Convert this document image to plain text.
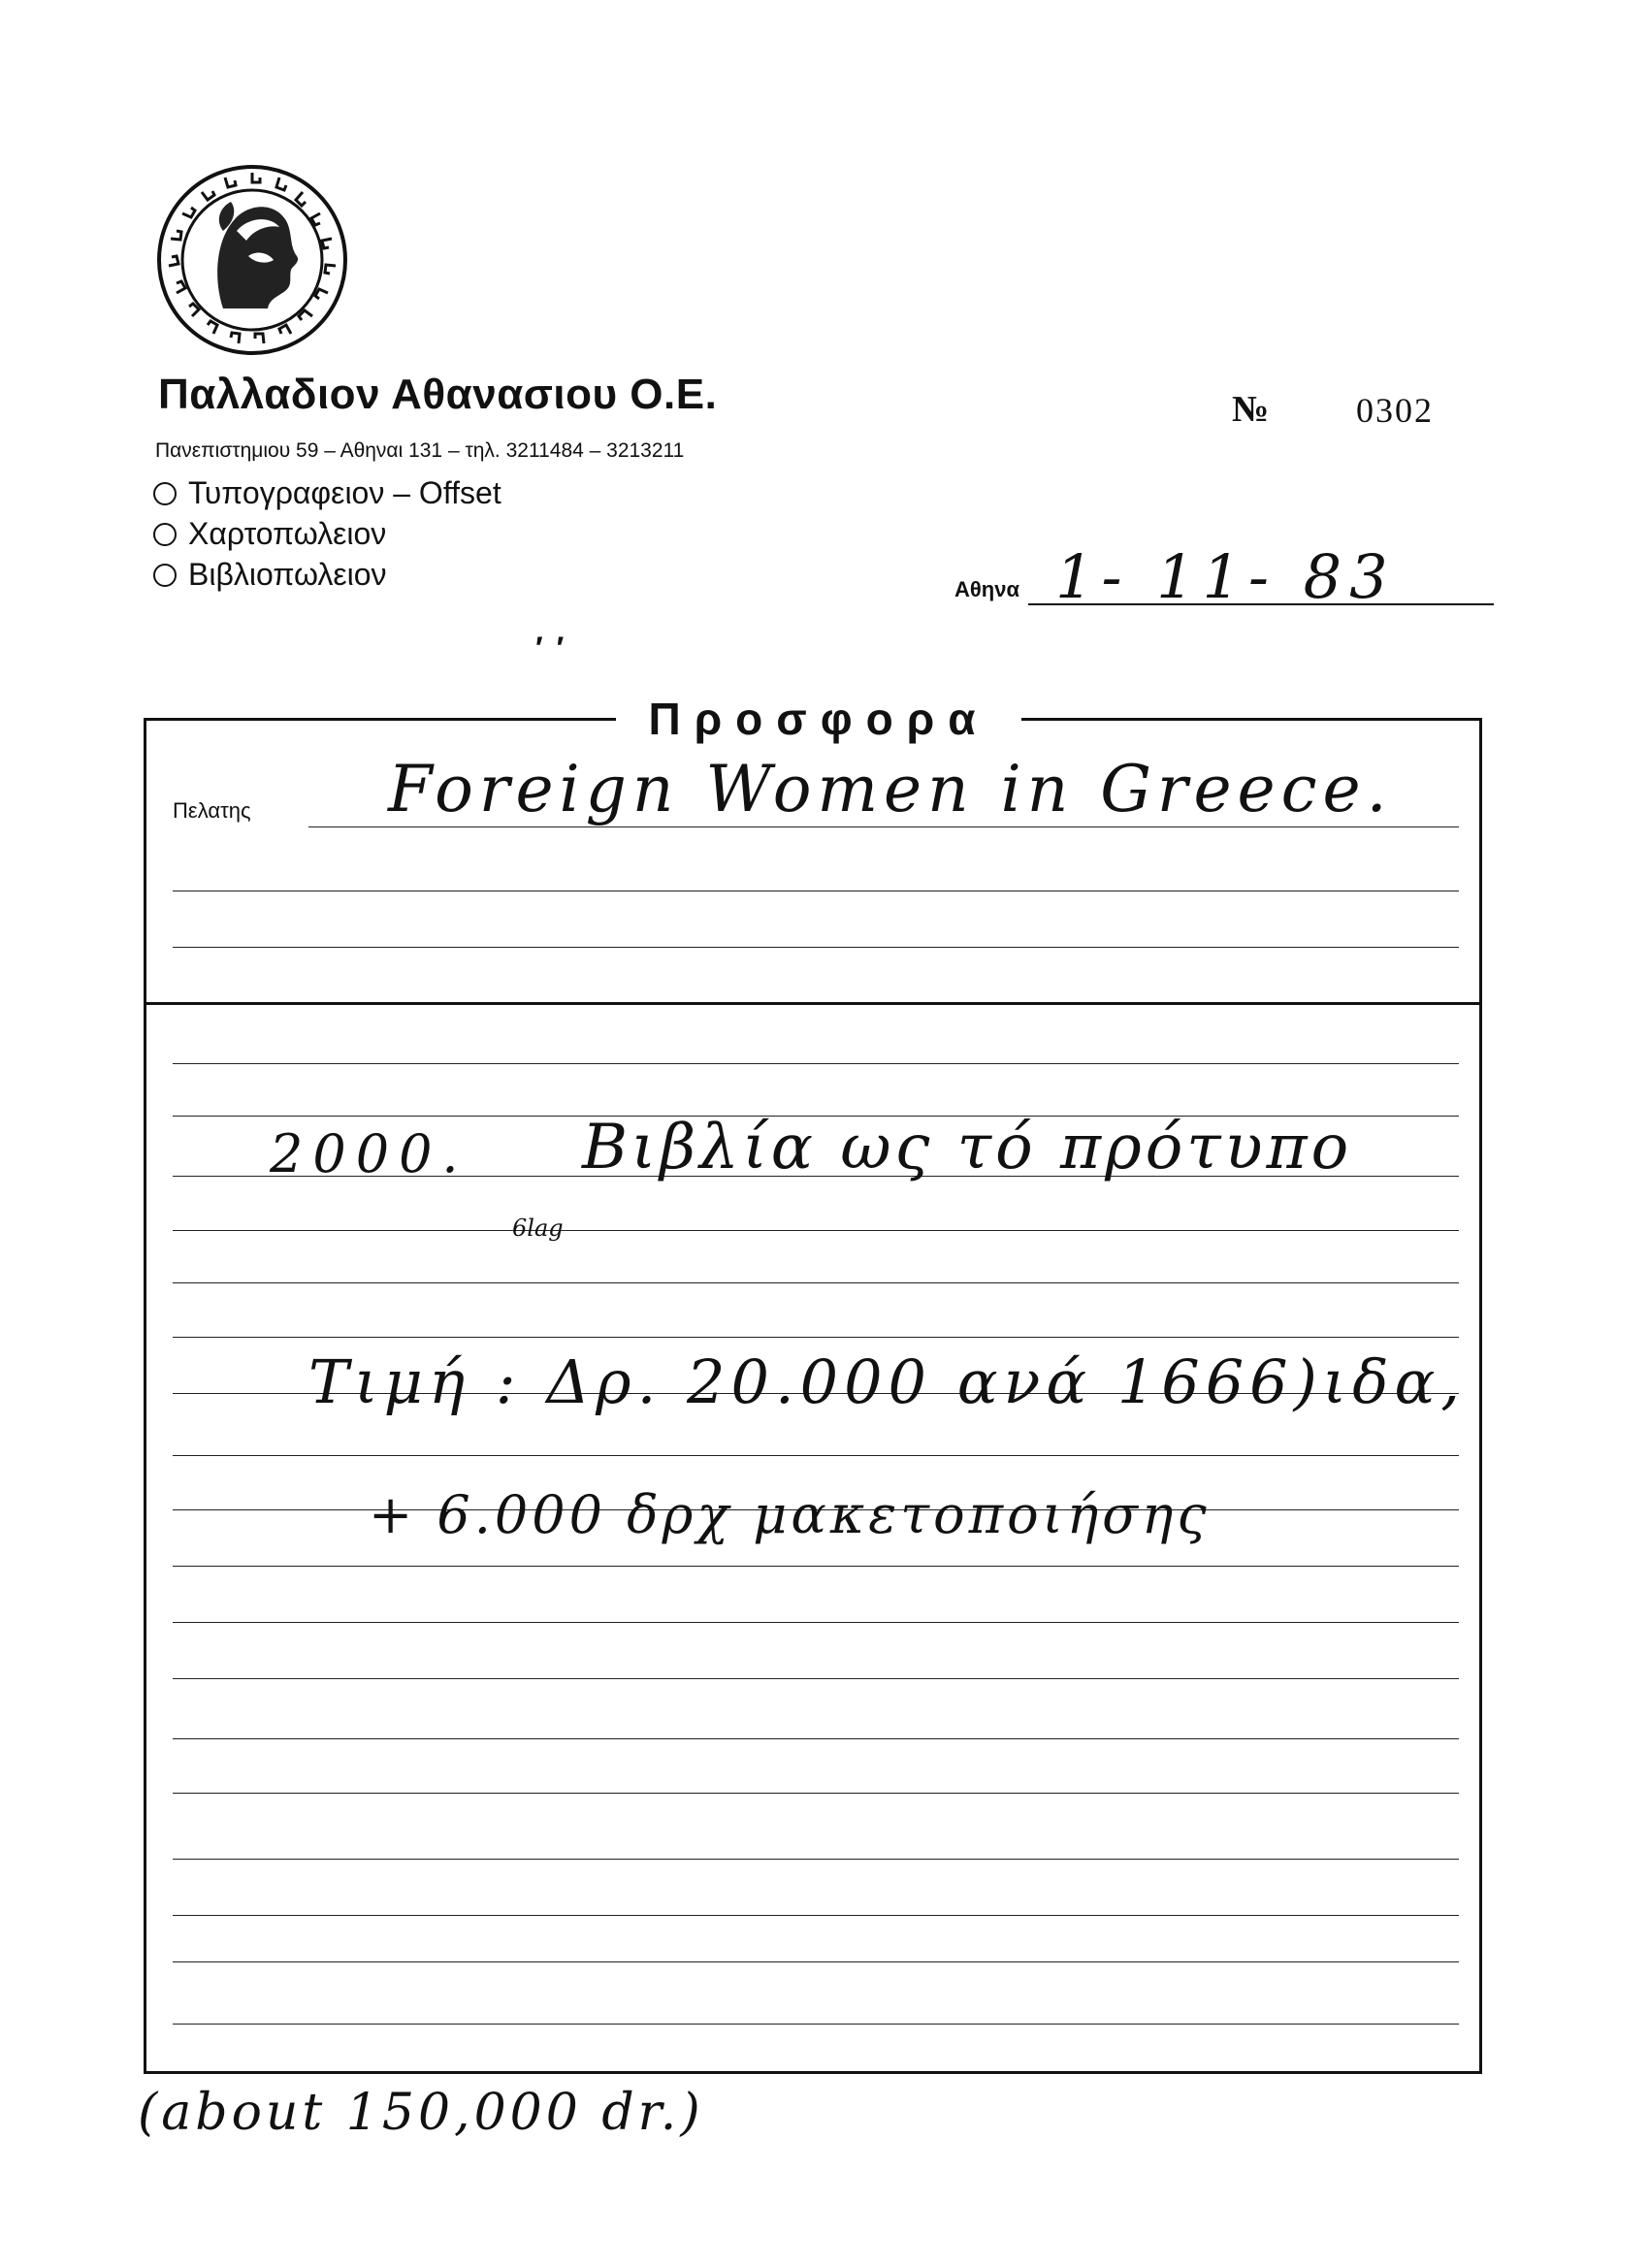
Παλλαδιον Αθανασιου Ο.Ε.
Πανεπιστημιου 59 – Αθηναι 131 – τηλ. 3211484 – 3213211
Τυπογραφειον – Offset
Χαρτοπωλειον
Βιβλιοπωλειον
№ 0302
Αθηνα 1- 11- 83
′′
Προσφορα
Πελατης Foreign Women in Greece.
2000. Βιβλία ως τό πρότυπο
6lag
Τιμή : Δρ. 20.000 ανά 1666)ιδα,
+ 6.000 δρχ μακετοποιήσης
(about 150,000 dr.)
